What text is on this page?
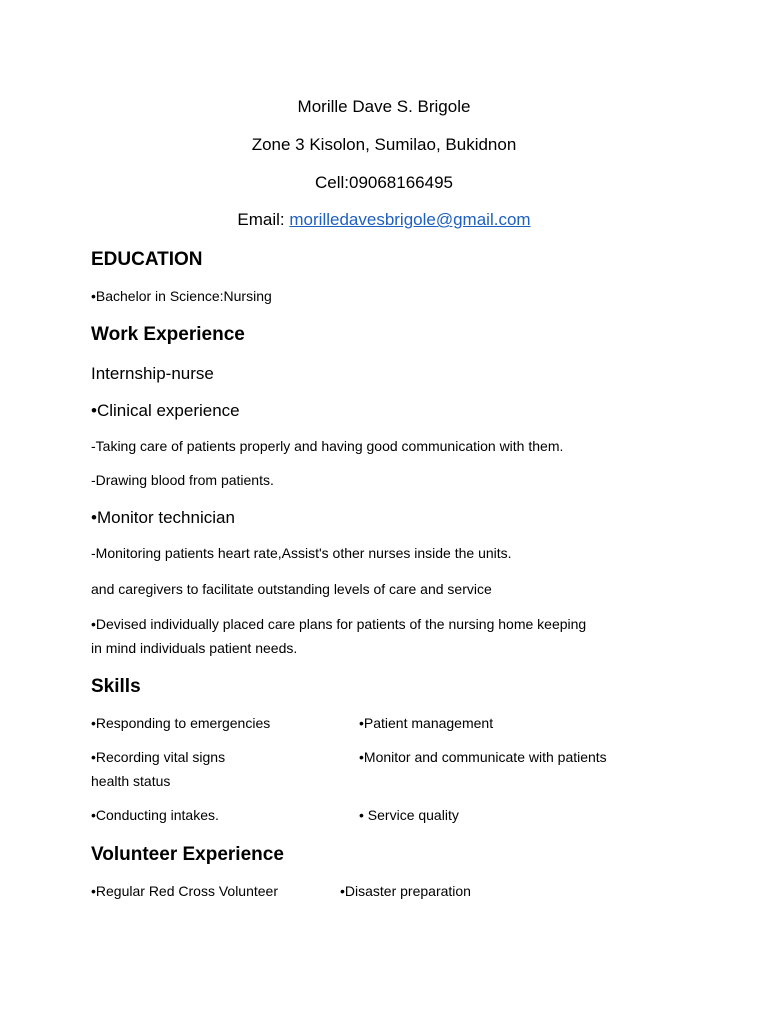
Morille Dave S. Brigole
Zone 3 Kisolon, Sumilao, Bukidnon
Cell:09068166495
Email: morilledavesbrigole@gmail.com
EDUCATION
•Bachelor in Science:Nursing
Work Experience
Internship-nurse
•Clinical experience
-Taking care of patients properly and having good communication with them.
-Drawing blood from patients.
•Monitor technician
-Monitoring patients heart rate,Assist's other nurses inside the units.
and caregivers to facilitate outstanding levels of care and service
•Devised individually placed care plans for patients of the nursing home keeping
in mind individuals patient needs.
Skills
•Responding to emergencies	•Patient management
•Recording vital signs	•Monitor and communicate with patients
health status
•Conducting intakes.	• Service quality
Volunteer Experience
•Regular Red Cross Volunteer	•Disaster preparation
